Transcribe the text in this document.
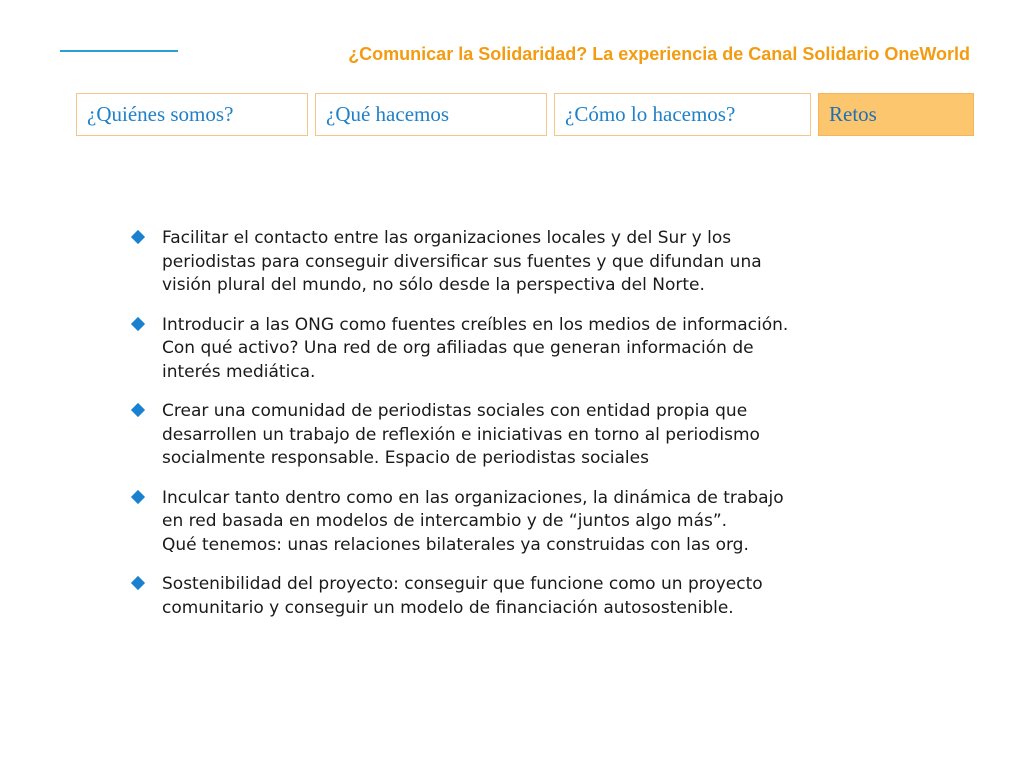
¿Comunicar la Solidaridad? La experiencia de Canal Solidario OneWorld
¿Quiénes somos?	¿Qué hacemos	¿Cómo lo hacemos?	Retos
Facilitar el contacto entre las organizaciones locales y del Sur y los
periodistas para conseguir diversificar sus fuentes y que difundan una
visión plural del mundo, no sólo desde la perspectiva del Norte.
Introducir a las ONG como fuentes creíbles en los medios de información.
Con qué activo? Una red de org afiliadas que generan información de
interés mediática.
Crear una comunidad de periodistas sociales con entidad propia que
desarrollen un trabajo de reflexión e iniciativas en torno al periodismo
socialmente responsable. Espacio de periodistas sociales
Inculcar tanto dentro como en las organizaciones, la dinámica de trabajo
en red basada en modelos de intercambio y de “juntos algo más”.
Qué tenemos: unas relaciones bilaterales ya construidas con las org.
Sostenibilidad del proyecto: conseguir que funcione como un proyecto
comunitario y conseguir un modelo de financiación autosostenible.
